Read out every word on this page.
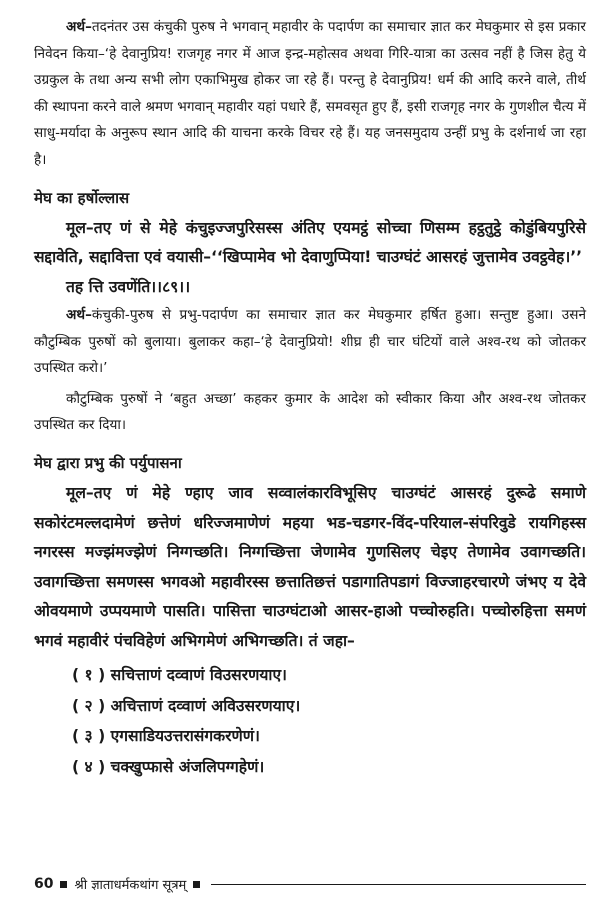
अर्थ–तदनंतर उस कंचुकी पुरुष ने भगवान् महावीर के पदार्पण का समाचार ज्ञात कर मेघकुमार से इस प्रकार निवेदन किया–‘हे देवानुप्रिय! राजगृह नगर में आज इन्द्र-महोत्सव अथवा गिरि-यात्रा का उत्सव नहीं है जिस हेतु ये उग्रकुल के तथा अन्य सभी लोग एकाभिमुख होकर जा रहे हैं। परन्तु हे देवानुप्रिय! धर्म की आदि करने वाले, तीर्थ की स्थापना करने वाले श्रमण भगवान् महावीर यहां पधारे हैं, समवसृत हुए हैं, इसी राजगृह नगर के गुणशील चैत्य में साधु-मर्यादा के अनुरूप स्थान आदि की याचना करके विचर रहे हैं। यह जनसमुदाय उन्हीं प्रभु के दर्शनार्थ जा रहा है।

मेघ का हर्षोल्लास

मूल–तए णं से मेहे कंचुइज्जपुरिसस्स अंतिए एयमट्ठं सोच्चा णिसम्म हट्ठतुट्ठे कोडुंबियपुरिसे सद्दावेति, सद्दावित्ता एवं वयासी–‘‘खिप्पामेव भो देवाणुप्पिया! चाउग्घंटं आसरहं जुत्तामेव उवट्ठवेह।’’

तह त्ति उवणेंति।।८९।।

अर्थ–कंचुकी-पुरुष से प्रभु-पदार्पण का समाचार ज्ञात कर मेघकुमार हर्षित हुआ। सन्तुष्ट हुआ। उसने कौटुम्बिक पुरुषों को बुलाया। बुलाकर कहा–‘हे देवानुप्रियो! शीघ्र ही चार घंटियों वाले अश्व-रथ को जोतकर उपस्थित करो।’

कौटुम्बिक पुरुषों ने ‘बहुत अच्छा’ कहकर कुमार के आदेश को स्वीकार किया और अश्व-रथ जोतकर उपस्थित कर दिया।

मेघ द्वारा प्रभु की पर्युपासना

मूल–तए णं मेहे ण्हाए जाव सव्वालंकारविभूसिए चाउग्घंटं आसरहं दुरूढे समाणे सकोरंटमल्लदामेणं छत्तेणं धरिज्जमाणेणं महया भड-चडगर-विंद-परियाल-संपरिवुडे रायगिहस्स नगरस्स मज्झंमज्झेणं निग्गच्छति। निग्गच्छित्ता जेणामेव गुणसिलए चेइए तेणामेव उवागच्छति। उवागच्छित्ता समणस्स भगवओ महावीरस्स छत्तातिछत्तं पडागातिपडागं विज्जाहरचारणे जंभए य देवे ओवयमाणे उप्पयमाणे पासति। पासित्ता चाउग्घंटाओ आसर-हाओ पच्चोरुहति। पच्चोरुहित्ता समणं भगवं महावीरं पंचविहेणं अभिगमेणं अभिगच्छति। तं जहा–

( १ ) सचित्ताणं दव्वाणं विउसरणयाए।
( २ ) अचित्ताणं दव्वाणं अविउसरणयाए।
( ३ ) एगसाडियउत्तरासंगकरणेणं।
( ४ ) चक्खुप्फासे अंजलिपग्गहेणं।
60 श्री ज्ञाताधर्मकथांग सूत्रम्
